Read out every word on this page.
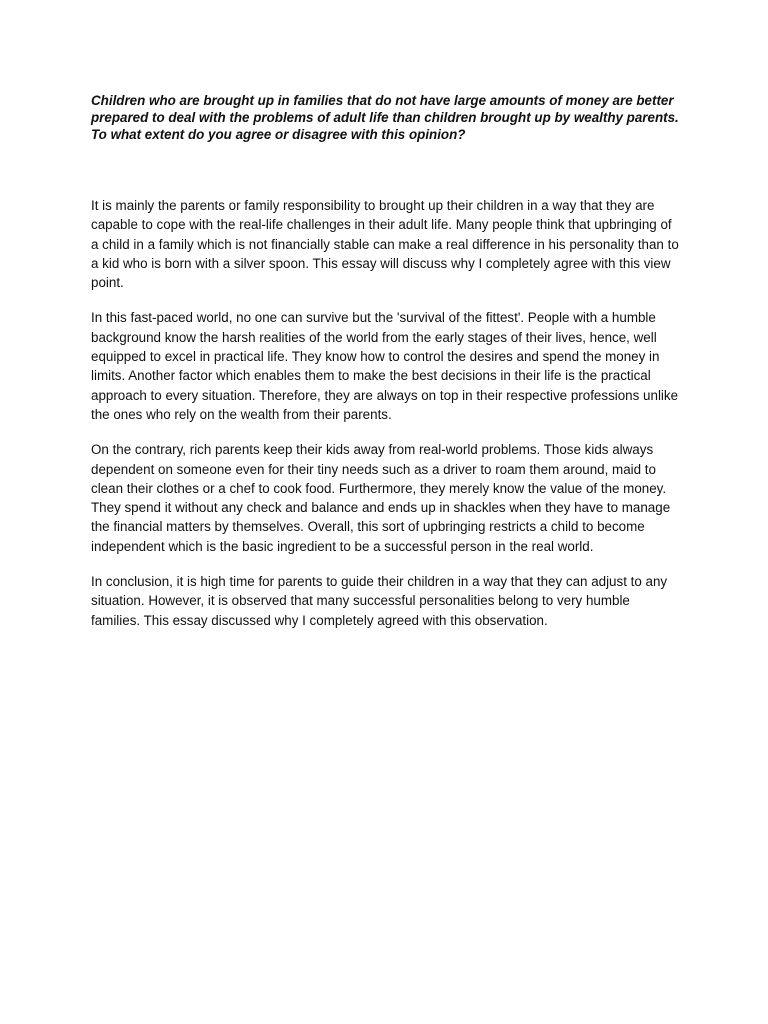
Children who are brought up in families that do not have large amounts of money are better prepared to deal with the problems of adult life than children brought up by wealthy parents.
To what extent do you agree or disagree with this opinion?

It is mainly the parents or family responsibility to brought up their children in a way that they are capable to cope with the real-life challenges in their adult life. Many people think that upbringing of a child in a family which is not financially stable can make a real difference in his personality than to a kid who is born with a silver spoon. This essay will discuss why I completely agree with this view point.

In this fast-paced world, no one can survive but the 'survival of the fittest'. People with a humble background know the harsh realities of the world from the early stages of their lives, hence, well equipped to excel in practical life. They know how to control the desires and spend the money in limits. Another factor which enables them to make the best decisions in their life is the practical approach to every situation. Therefore, they are always on top in their respective professions unlike the ones who rely on the wealth from their parents.

On the contrary, rich parents keep their kids away from real-world problems. Those kids always dependent on someone even for their tiny needs such as a driver to roam them around, maid to clean their clothes or a chef to cook food. Furthermore, they merely know the value of the money. They spend it without any check and balance and ends up in shackles when they have to manage the financial matters by themselves. Overall, this sort of upbringing restricts a child to become independent which is the basic ingredient to be a successful person in the real world.

In conclusion, it is high time for parents to guide their children in a way that they can adjust to any situation. However, it is observed that many successful personalities belong to very humble families. This essay discussed why I completely agreed with this observation.
